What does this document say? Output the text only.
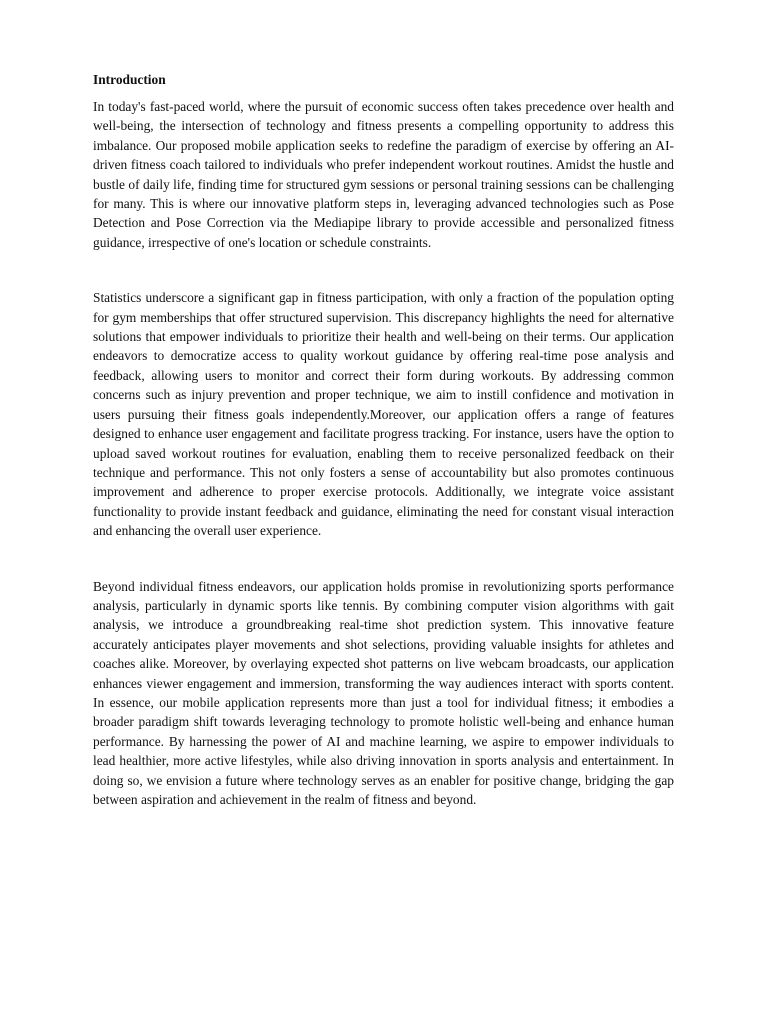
Introduction

In today's fast-paced world, where the pursuit of economic success often takes precedence over health and well-being, the intersection of technology and fitness presents a compelling opportunity to address this imbalance. Our proposed mobile application seeks to redefine the paradigm of exercise by offering an AI-driven fitness coach tailored to individuals who prefer independent workout routines. Amidst the hustle and bustle of daily life, finding time for structured gym sessions or personal training sessions can be challenging for many. This is where our innovative platform steps in, leveraging advanced technologies such as Pose Detection and Pose Correction via the Mediapipe library to provide accessible and personalized fitness guidance, irrespective of one's location or schedule constraints.

Statistics underscore a significant gap in fitness participation, with only a fraction of the population opting for gym memberships that offer structured supervision. This discrepancy highlights the need for alternative solutions that empower individuals to prioritize their health and well-being on their terms. Our application endeavors to democratize access to quality workout guidance by offering real-time pose analysis and feedback, allowing users to monitor and correct their form during workouts. By addressing common concerns such as injury prevention and proper technique, we aim to instill confidence and motivation in users pursuing their fitness goals independently.Moreover, our application offers a range of features designed to enhance user engagement and facilitate progress tracking. For instance, users have the option to upload saved workout routines for evaluation, enabling them to receive personalized feedback on their technique and performance. This not only fosters a sense of accountability but also promotes continuous improvement and adherence to proper exercise protocols. Additionally, we integrate voice assistant functionality to provide instant feedback and guidance, eliminating the need for constant visual interaction and enhancing the overall user experience.

Beyond individual fitness endeavors, our application holds promise in revolutionizing sports performance analysis, particularly in dynamic sports like tennis. By combining computer vision algorithms with gait analysis, we introduce a groundbreaking real-time shot prediction system. This innovative feature accurately anticipates player movements and shot selections, providing valuable insights for athletes and coaches alike. Moreover, by overlaying expected shot patterns on live webcam broadcasts, our application enhances viewer engagement and immersion, transforming the way audiences interact with sports content. In essence, our mobile application represents more than just a tool for individual fitness; it embodies a broader paradigm shift towards leveraging technology to promote holistic well-being and enhance human performance. By harnessing the power of AI and machine learning, we aspire to empower individuals to lead healthier, more active lifestyles, while also driving innovation in sports analysis and entertainment. In doing so, we envision a future where technology serves as an enabler for positive change, bridging the gap between aspiration and achievement in the realm of fitness and beyond.
